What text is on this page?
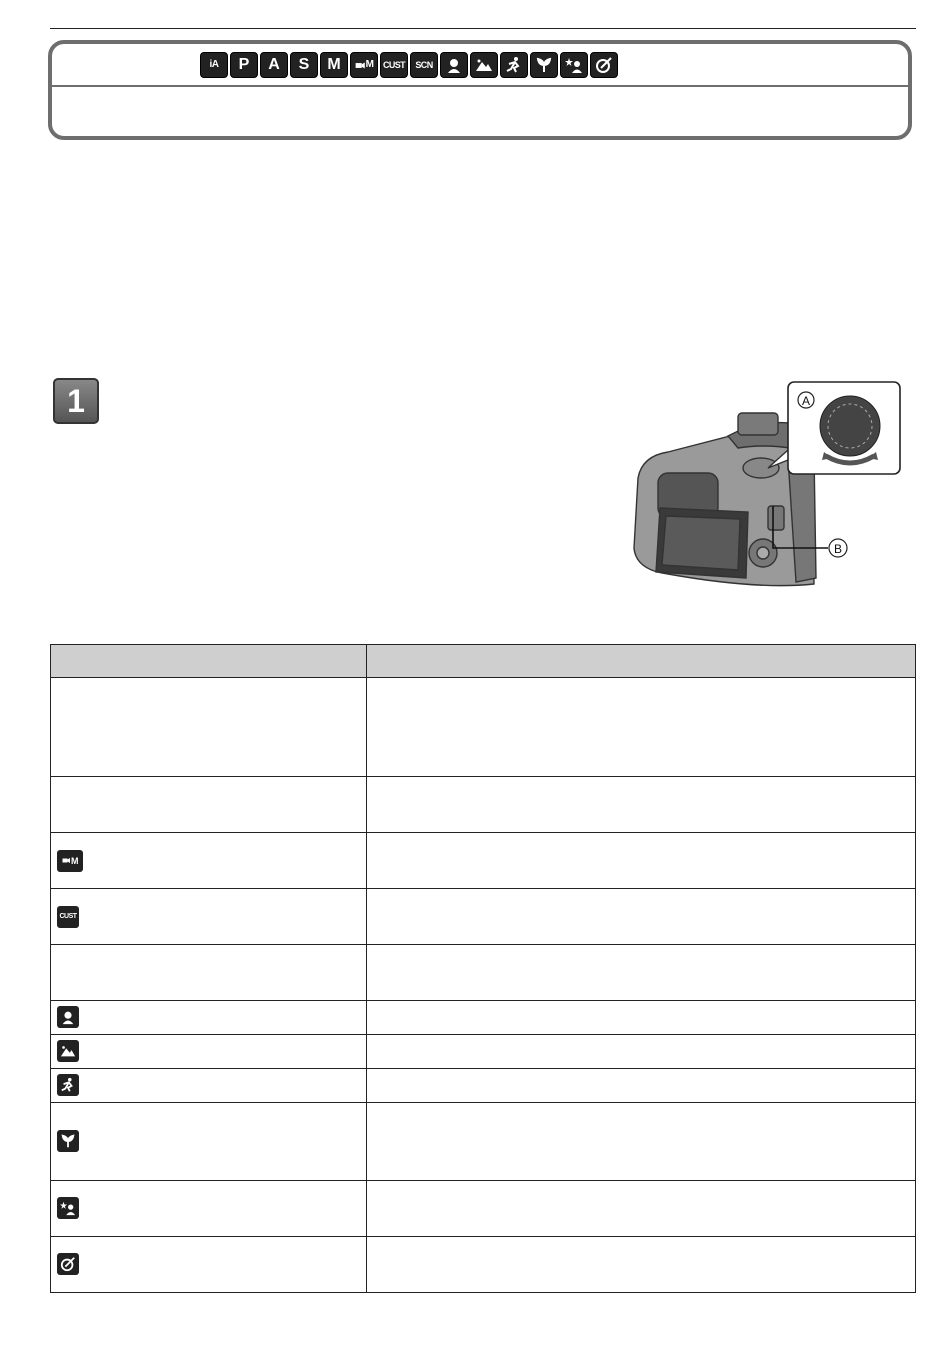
iA	P	A	S	M	M	CUST	SCN
1	A
B

M	

CUST	
